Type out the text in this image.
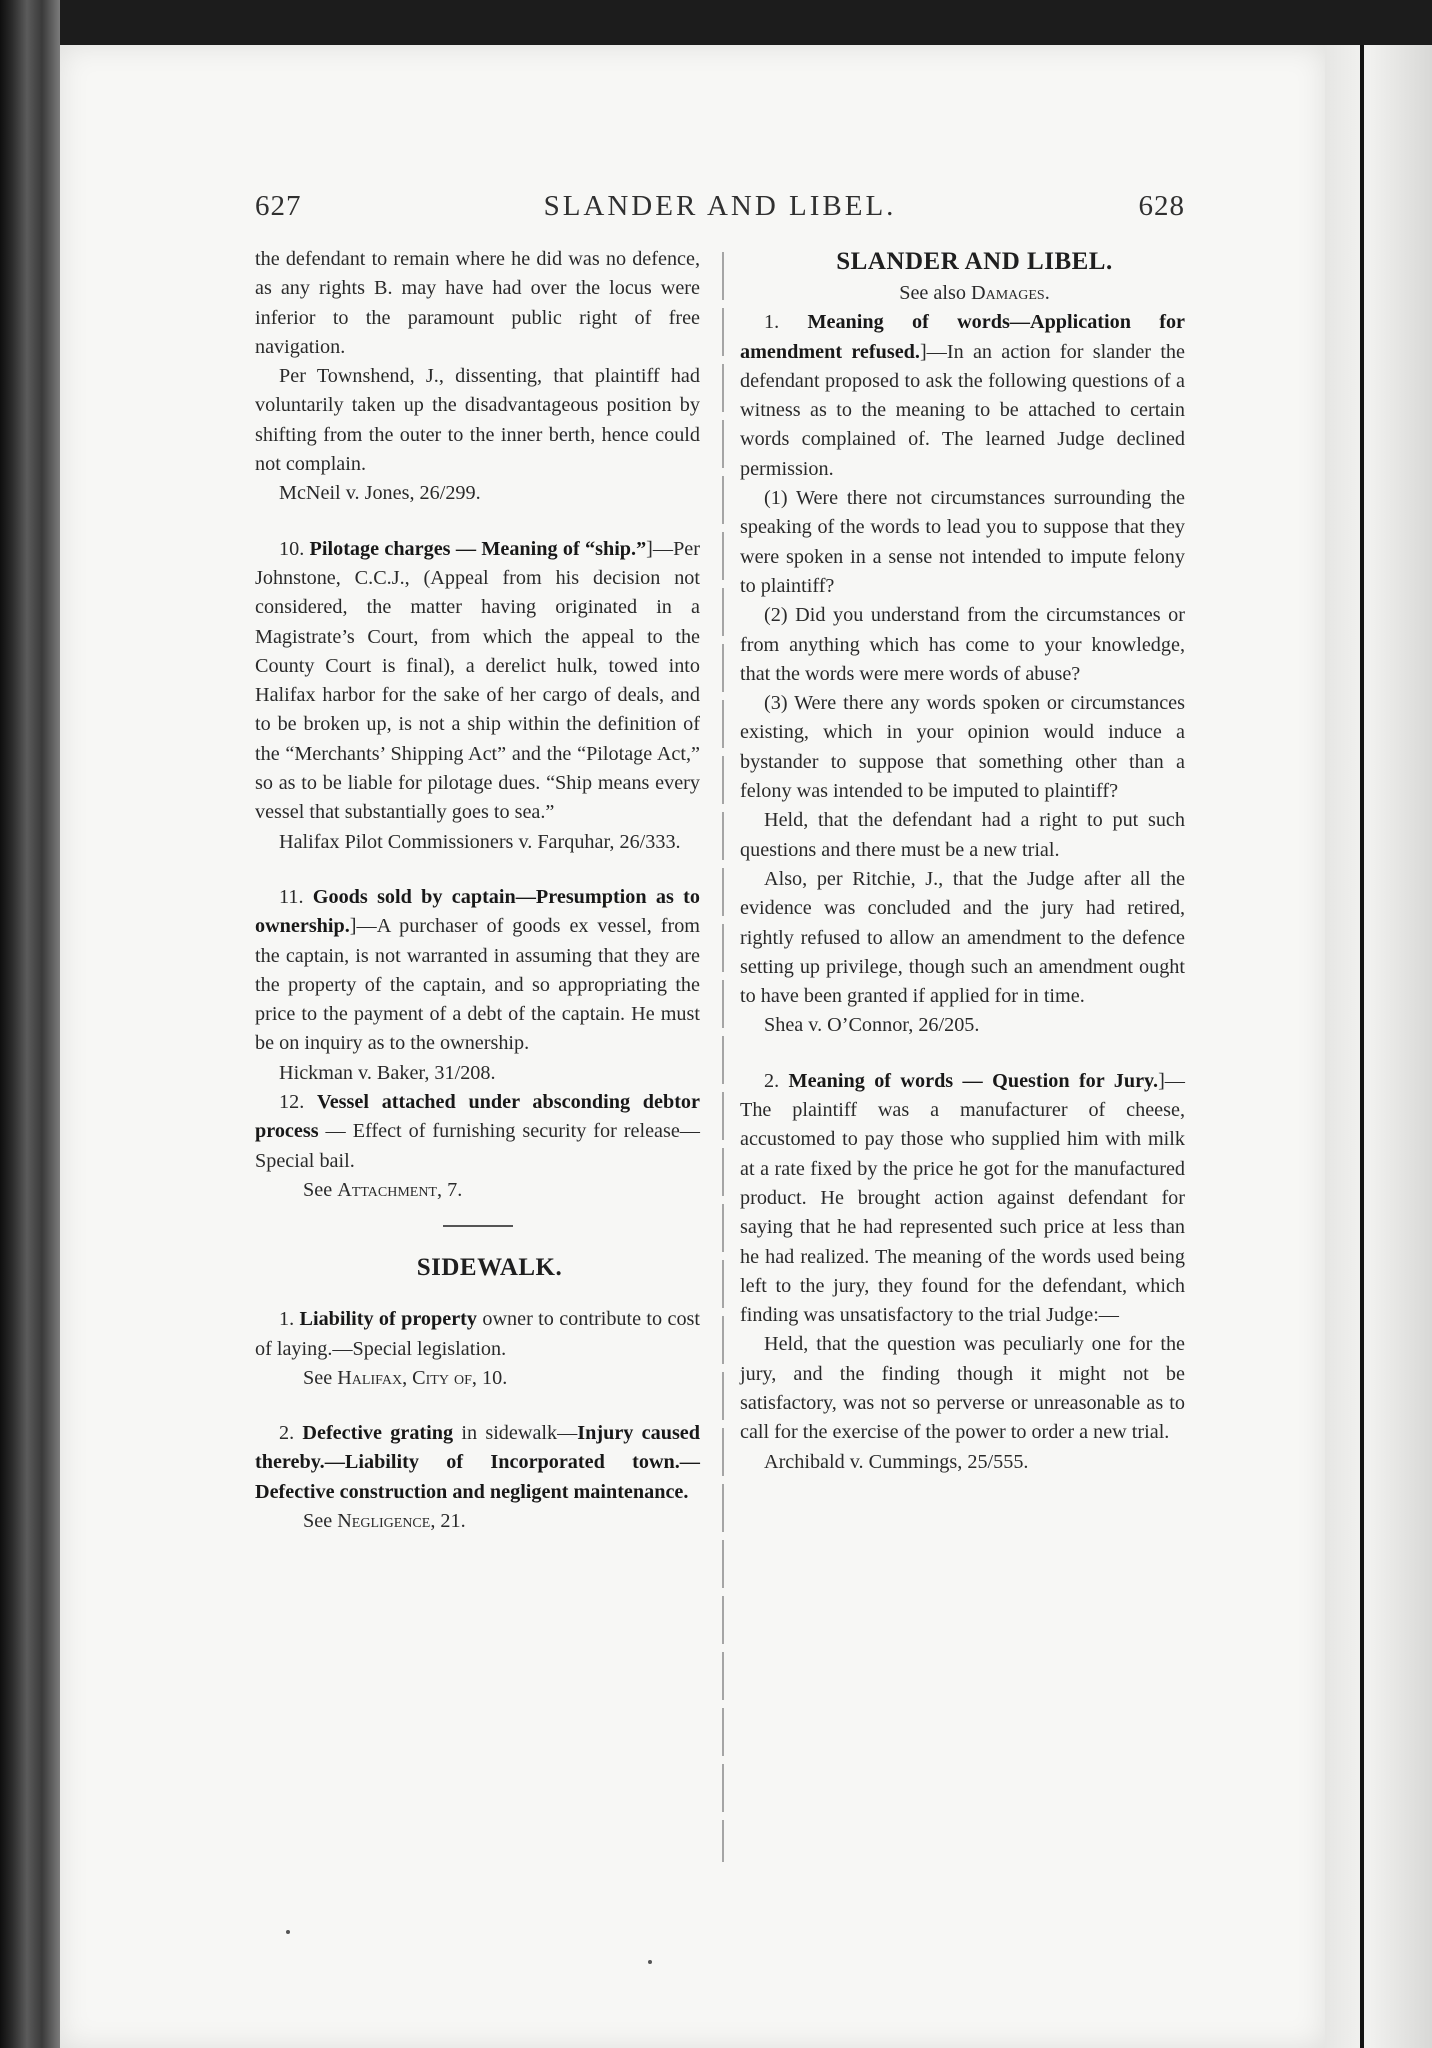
627	SLANDER AND LIBEL.	628

the defendant to remain where he did was no defence, as any rights B. may have had over the locus were inferior to the paramount public right of free navigation.

Per Townshend, J., dissenting, that plaintiff had voluntarily taken up the disadvantageous position by shifting from the outer to the inner berth, hence could not complain.

McNeil v. Jones, 26/299.

10. Pilotage charges — Meaning of “ship.”]—Per Johnstone, C.C.J., (Appeal from his decision not considered, the matter having originated in a Magistrate’s Court, from which the appeal to the County Court is final), a derelict hulk, towed into Halifax harbor for the sake of her cargo of deals, and to be broken up, is not a ship within the definition of the “Merchants’ Shipping Act” and the “Pilotage Act,” so as to be liable for pilotage dues. “Ship means every vessel that substantially goes to sea.”

Halifax Pilot Commissioners v. Farquhar, 26/333.

11. Goods sold by captain—Presumption as to ownership.]—A purchaser of goods ex vessel, from the captain, is not warranted in assuming that they are the property of the captain, and so appropriating the price to the payment of a debt of the captain. He must be on inquiry as to the ownership.

Hickman v. Baker, 31/208.

12. Vessel attached under absconding debtor process — Effect of furnishing security for release—Special bail.

See Attachment, 7.

SIDEWALK.

1. Liability of property owner to contribute to cost of laying.—Special legislation.

See Halifax, City of, 10.

2. Defective grating in sidewalk—Injury caused thereby.—Liability of Incorporated town.—Defective construction and negligent maintenance.

See Negligence, 21.

SLANDER AND LIBEL.

See also Damages.

1. Meaning of words—Application for amendment refused.]—In an action for slander the defendant proposed to ask the following questions of a witness as to the meaning to be attached to certain words complained of. The learned Judge declined permission.

(1) Were there not circumstances surrounding the speaking of the words to lead you to suppose that they were spoken in a sense not intended to impute felony to plaintiff?

(2) Did you understand from the circumstances or from anything which has come to your knowledge, that the words were mere words of abuse?

(3) Were there any words spoken or circumstances existing, which in your opinion would induce a bystander to suppose that something other than a felony was intended to be imputed to plaintiff?

Held, that the defendant had a right to put such questions and there must be a new trial.

Also, per Ritchie, J., that the Judge after all the evidence was concluded and the jury had retired, rightly refused to allow an amendment to the defence setting up privilege, though such an amendment ought to have been granted if applied for in time.

Shea v. O’Connor, 26/205.

2. Meaning of words — Question for Jury.]—The plaintiff was a manufacturer of cheese, accustomed to pay those who supplied him with milk at a rate fixed by the price he got for the manufactured product. He brought action against defendant for saying that he had represented such price at less than he had realized. The meaning of the words used being left to the jury, they found for the defendant, which finding was unsatisfactory to the trial Judge:—

Held, that the question was peculiarly one for the jury, and the finding though it might not be satisfactory, was not so perverse or unreasonable as to call for the exercise of the power to order a new trial.

Archibald v. Cummings, 25/555.
